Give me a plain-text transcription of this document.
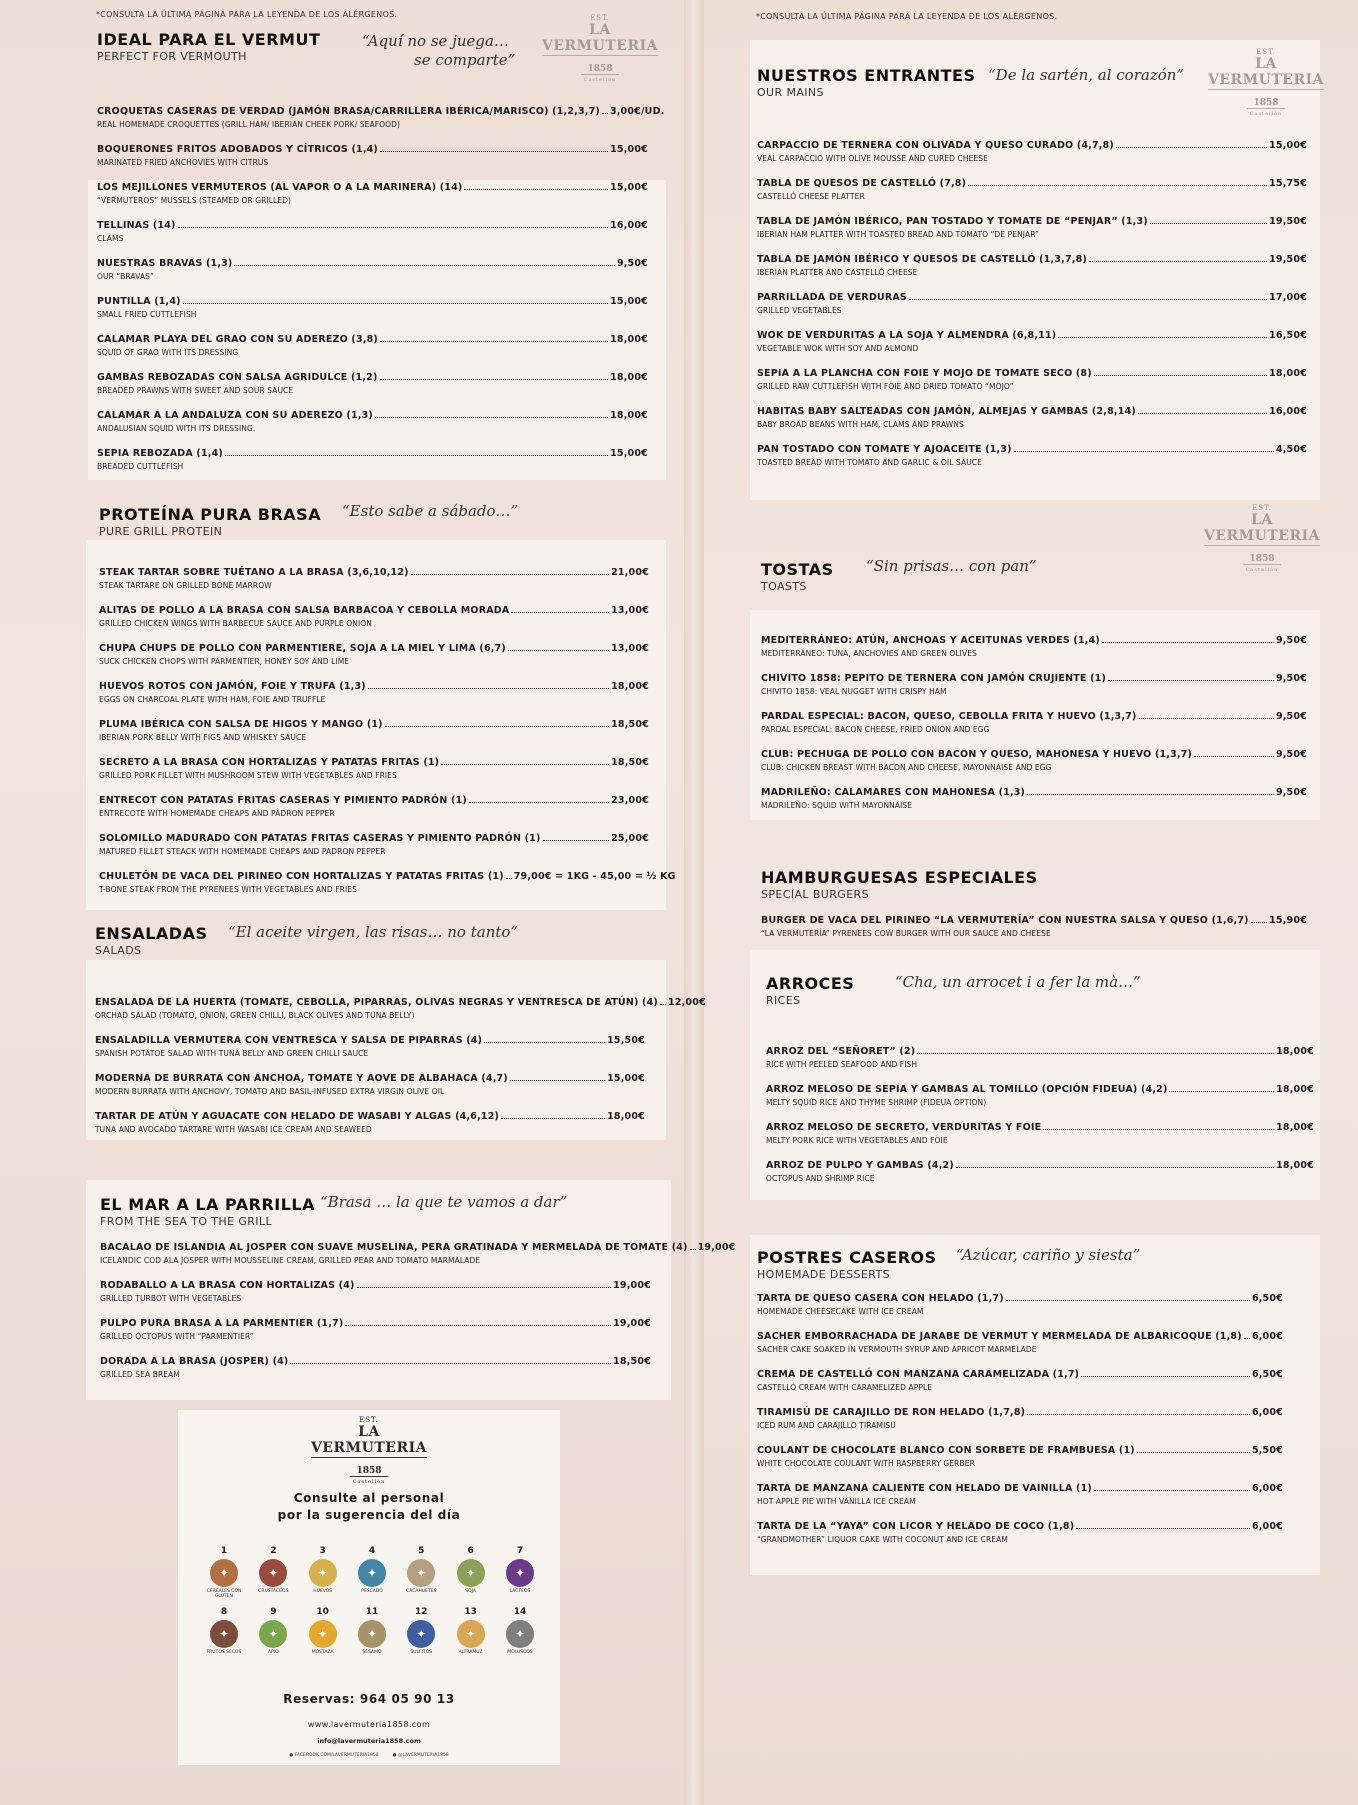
*CONSULTA LA ÚLTIMA PÁGINA PARA LA LEYENDA DE LOS ALÉRGENOS.	*CONSULTA LA ÚLTIMA PÁGINA PARA LA LEYENDA DE LOS ALÉRGENOS.
EST.
LA VERMUTERIA
1858
Castellón
EST.
LA VERMUTERIA
1858
Castellón
EST.
LA VERMUTERIA
1858
Castellón
IDEAL PARA EL VERMUT
PERFECT FOR VERMOUTH
“Aquí no se juega…
se comparte”
CROQUETAS CASERAS DE VERDAD (JAMÓN BRASA/CARRILLERA IBÉRICA/MARISCO) (1,2,3,7) 3,00€/UD.
REAL HOMEMADE CROQUETTES (GRILL HAM/ IBERIAN CHEEK PORK/ SEAFOOD)
BOQUERONES FRITOS ADOBADOS Y CÍTRICOS (1,4)	15,00€
MARINATED FRIED ANCHOVIES WITH CITRUS
LOS MEJILLONES VERMUTEROS (AL VAPOR O A LA MARINERA) (14)	15,00€
“VERMUTEROS” MUSSELS (STEAMED OR GRILLED)
TELLINAS (14)	16,00€
CLAMS
NUESTRAS BRAVAS (1,3)	9,50€
OUR “BRAVAS”
PUNTILLA (1,4)	15,00€
SMALL FRIED CUTTLEFISH
CALAMAR PLAYA DEL GRAO CON SU ADEREZO (3,8)	18,00€
SQUID OF GRAO WITH ITS DRESSING
GAMBAS REBOZADAS CON SALSA AGRIDULCE (1,2)	18,00€
BREADED PRAWNS WITH SWEET AND SOUR SAUCE
CALAMAR A LA ANDALUZA CON SU ADEREZO (1,3)	18,00€
ANDALUSIAN SQUID WITH ITS DRESSING.
SEPIA REBOZADA (1,4)	15,00€
BREADED CUTTLEFISH
PROTEÍNA PURA BRASA
PURE GRILL PROTEIN
“Esto sabe a sábado…”
STEAK TARTAR SOBRE TUÉTANO A LA BRASA (3,6,10,12)	21,00€
STEAK TARTARE ON GRILLED BONE MARROW
ALITAS DE POLLO A LA BRASA CON SALSA BARBACOA Y CEBOLLA MORADA	13,00€
GRILLED CHICKEN WINGS WITH BARBECUE SAUCE AND PURPLE ONION
CHUPA CHUPS DE POLLO CON PARMENTIERE, SOJA A LA MIEL Y LIMA (6,7)	13,00€
SUCK CHICKEN CHOPS WITH PARMENTIER, HONEY SOY AND LIME
HUEVOS ROTOS CON JAMÓN, FOIE Y TRUFA (1,3)	18,00€
EGGS ON CHARCOAL PLATE WITH HAM, FOIE AND TRUFFLE
PLUMA IBÉRICA CON SALSA DE HIGOS Y MANGO (1)	18,50€
IBERIAN PORK BELLY WITH FIGS AND WHISKEY SAUCE
SECRETO A LA BRASA CON HORTALIZAS Y PATATAS FRITAS (1)	18,50€
GRILLED PORK FILLET WITH MUSHROOM STEW WITH VEGETABLES AND FRIES
ENTRECOT CON PATATAS FRITAS CASERAS Y PIMIENTO PADRÓN (1)	23,00€
ENTRECOTE WITH HOMEMADE CHEAPS AND PADRON PEPPER
SOLOMILLO MADURADO CON PATATAS FRITAS CASERAS Y PIMIENTO PADRÓN (1)	25,00€
MATURED FILLET STEACK WITH HOMEMADE CHEAPS AND PADRON PEPPER
CHULETÓN DE VACA DEL PIRINEO CON HORTALIZAS Y PATATAS FRITAS (1) 79,00€ = 1KG - 45,00 = ½ KG
T-BONE STEAK FROM THE PYRENEES WITH VEGETABLES AND FRIES
ENSALADAS
SALADS
“El aceite virgen, las risas… no tanto”
ENSALADA DE LA HUERTA (TOMATE, CEBOLLA, PIPARRAS, OLIVAS NEGRAS Y VENTRESCA DE ATÚN) (4) 12,00€
ORCHAD SALAD (TOMATO, ONION, GREEN CHILLI, BLACK OLIVES AND TUNA BELLY)
ENSALADILLA VERMUTERA CON VENTRESCA Y SALSA DE PIPARRAS (4)	15,50€
SPANISH POTATOE SALAD WITH TUNA BELLY AND GREEN CHILLI SAUCE
MODERNA DE BURRATA CON ANCHOA, TOMATE Y AOVE DE ALBAHACA (4,7)	15,00€
MODERN BURRATA WITH ANCHOVY, TOMATO AND BASIL-INFUSED EXTRA VIRGIN OLIVE OIL
TARTAR DE ATÚN Y AGUACATE CON HELADO DE WASABI Y ALGAS (4,6,12)	18,00€
TUNA AND AVOCADO TARTARE WITH WASABI ICE CREAM AND SEAWEED
EL MAR A LA PARRILLA
FROM THE SEA TO THE GRILL
“Brasa … la que te vamos a dar”
BACALAO DE ISLANDIA AL JOSPER CON SUAVE MUSELINA, PERA GRATINADA Y MERMELADA DE TOMATE (4) 19,00€
ICELANDIC COD ALA JOSPER WITH MOUSSELINE CREAM, GRILLED PEAR AND TOMATO MARMALADE
RODABALLO A LA BRASA CON HORTALIZAS (4)	19,00€
GRILLED TURBOT WITH VEGETABLES
PULPO PURA BRASA A LA PARMENTIER (1,7)	19,00€
GRILLED OCTOPUS WITH “PARMENTIER”
DORADA A LA BRASA (JOSPER) (4)	18,50€
GRILLED SEA BREAM
EST.
LA VERMUTERIA
1858
Castellón
Consulte al personal
por la sugerencia del día
1
✦
CEREALES CON GLUTEN
2
✦
CRUSTÁCEOS
3
✦
HUEVOS
4
✦
PESCADO
5
✦
CACAHUETES
6
✦
SOJA
7
✦
LÁCTEOS
8
✦
FRUTOS SECOS
9
✦
APIO
10
✦
MOSTAZA
11
✦
SÉSAMO
12
✦
SULFITOS
13
✦
ALTRAMUZ
14
✦
MOLUSCOS
Reservas: 964 05 90 13
www.lavermuteria1858.com
info@lavermuteria1858.com
● FACEBOOK.COM/LAVERMUTERIA1858	● @LAVERMUTERIA1858
NUESTROS ENTRANTES
OUR MAINS
“De la sartén, al corazón”
CARPACCIO DE TERNERA CON OLIVADA Y QUESO CURADO (4,7,8)	15,00€
VEAL CARPACCIO WITH OLIVE MOUSSE AND CURED CHEESE
TABLA DE QUESOS DE CASTELLÓ (7,8)	15,75€
CASTELLÓ CHEESE PLATTER
TABLA DE JAMÓN IBÉRICO, PAN TOSTADO Y TOMATE DE “PENJAR” (1,3)	19,50€
IBERIAN HAM PLATTER WITH TOASTED BREAD AND TOMATO “DE PENJAR”
TABLA DE JAMÓN IBÉRICO Y QUESOS DE CASTELLÓ (1,3,7,8)	19,50€
IBERIAN PLATTER AND CASTELLÓ CHEESE
PARRILLADA DE VERDURAS	17,00€
GRILLED VEGETABLES
WOK DE VERDURITAS A LA SOJA Y ALMENDRA (6,8,11)	16,50€
VEGETABLE WOK WITH SOY AND ALMOND
SEPIA A LA PLANCHA CON FOIE Y MOJO DE TOMATE SECO (8)	18,00€
GRILLED RAW CUTTLEFISH WITH FOIE AND DRIED TOMATO “MOJO”
HABITAS BABY SALTEADAS CON JAMÓN, ALMEJAS Y GAMBAS (2,8,14)	16,00€
BABY BROAD BEANS WITH HAM, CLAMS AND PRAWNS
PAN TOSTADO CON TOMATE Y AJOACEITE (1,3)	4,50€
TOASTED BREAD WITH TOMATO AND GARLIC & OIL SAUCE
TOSTAS
TOASTS
“Sin prisas… con pan”
MEDITERRÁNEO: ATÚN, ANCHOAS Y ACEITUNAS VERDES (1,4)	9,50€
MEDITERRÁNEO: TUNA, ANCHOVIES AND GREEN OLIVES
CHIVITO 1858: PEPITO DE TERNERA CON JAMÓN CRUJIENTE (1)	9,50€
CHIVITO 1858: VEAL NUGGET WITH CRISPY HAM
PARDAL ESPECIAL: BACON, QUESO, CEBOLLA FRITA Y HUEVO (1,3,7)	9,50€
PARDAL ESPECIAL: BACON CHEESE, FRIED ONION AND EGG
CLUB: PECHUGA DE POLLO CON BACON Y QUESO, MAHONESA Y HUEVO (1,3,7)	9,50€
CLUB: CHICKEN BREAST WITH BACON AND CHEESE, MAYONNAISE AND EGG
MADRILEÑO: CALAMARES CON MAHONESA (1,3)	9,50€
MADRILEÑO: SQUID WITH MAYONNAISE
HAMBURGUESAS ESPECIALES
SPECIAL BURGERS
BURGER DE VACA DEL PIRINEO “LA VERMUTERÍA” CON NUESTRA SALSA Y QUESO (1,6,7) 15,90€
“LA VERMUTERÍA” PYRENEES COW BURGER WITH OUR SAUCE AND CHEESE
ARROCES
RICES
“Cha, un arrocet i a fer la mà…”
ARROZ DEL “SEÑORET” (2)	18,00€
RICE WITH PEELED SEAFOOD AND FISH
ARROZ MELOSO DE SEPIA Y GAMBAS AL TOMILLO (OPCIÓN FIDEUA) (4,2)	18,00€
MELTY SQUID RICE AND THYME SHRIMP (FIDEUA OPTION)
ARROZ MELOSO DE SECRETO, VERDURITAS Y FOIE	18,00€
MELTY PORK RICE WITH VEGETABLES AND FOIE
ARROZ DE PULPO Y GAMBAS (4,2)	18,00€
OCTOPUS AND SHRIMP RICE
POSTRES CASEROS
HOMEMADE DESSERTS
“Azúcar, cariño y siesta”
TARTA DE QUESO CASERA CON HELADO (1,7)	6,50€
HOMEMADE CHEESECAKE WITH ICE CREAM
SACHER EMBORRACHADA DE JARABE DE VERMUT Y MERMELADA DE ALBARICOQUE (1,8) 6,00€
SACHER CAKE SOAKED IN VERMOUTH SYRUP AND APRICOT MARMELADE
CREMA DE CASTELLÓ CON MANZANA CARAMELIZADA (1,7)	6,50€
CASTELLÓ CREAM WITH CARAMELIZED APPLE
TIRAMISÚ DE CARAJILLO DE RON HELADO (1,7,8)	6,00€
ICED RUM AND CARAJILLO TIRAMISU
COULANT DE CHOCOLATE BLANCO CON SORBETE DE FRAMBUESA (1)	5,50€
WHITE CHOCOLATE COULANT WITH RASPBERRY GERBER
TARTA DE MANZANA CALIENTE CON HELADO DE VAINILLA (1)	6,00€
HOT APPLE PIE WITH VANILLA ICE CREAM
TARTA DE LA “YAYA” CON LICOR Y HELADO DE COCO (1,8)	6,00€
“GRANDMOTHER” LIQUOR CAKE WITH COCONUT AND ICE CREAM
